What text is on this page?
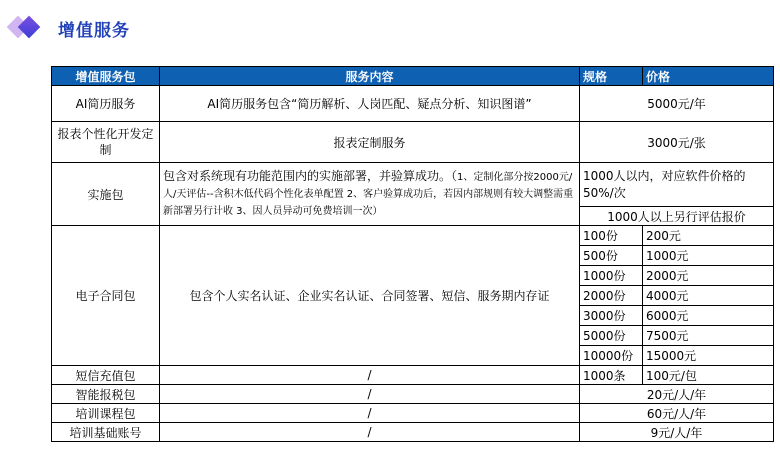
增值服务
增值服务包	服务内容	规格	价格
AI简历服务	AI简历服务包含“简历解析、人岗匹配、疑点分析、知识图谱”	5000元/年	
报表个性化开发定制	报表定制服务	3000元/张	
实施包	包含对系统现有功能范围内的实施部署，并验算成功。（1、定制化部分按2000元/人/天评估--含积木低代码个性化表单配置 2、客户验算成功后，若因内部规则有较大调整需重新部署另行计收 3、因人员异动可免费培训一次）	1000人以内，对应软件价格的50%/次	
		1000人以上另行评估报价	
电子合同包	包含个人实名认证、企业实名认证、合同签署、短信、服务期内存证	100份	200元
		500份	1000元
		1000份	2000元
		2000份	4000元
		3000份	6000元
		5000份	7500元
		10000份	15000元
短信充值包	/	1000条	100元/包
智能报税包	/	20元/人/年	
培训课程包	/	60元/人/年	
培训基础账号	/	9元/人/年	
